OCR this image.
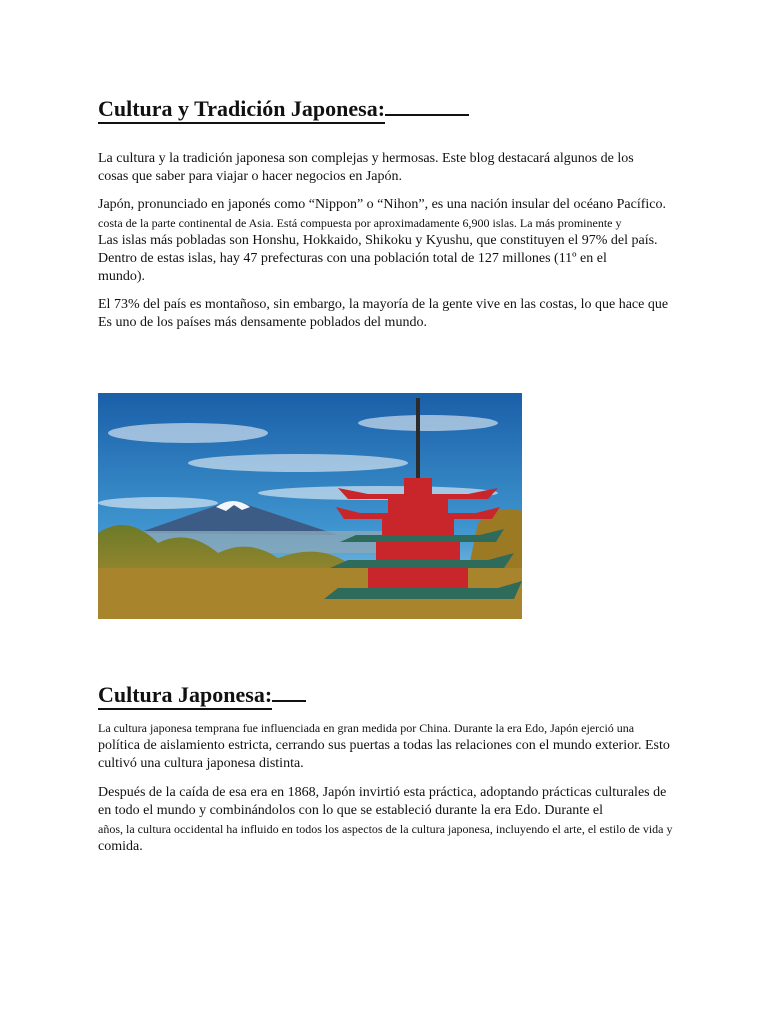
Cultura y Tradición Japonesa:

La cultura y la tradición japonesa son complejas y hermosas. Este blog destacará algunos de los
cosas que saber para viajar o hacer negocios en Japón.

Japón, pronunciado en japonés como “Nippon” o “Nihon”, es una nación insular del océano Pacífico.
costa de la parte continental de Asia. Está compuesta por aproximadamente 6,900 islas. La más prominente y
Las islas más pobladas son Honshu, Hokkaido, Shikoku y Kyushu, que constituyen el 97% del país.
Dentro de estas islas, hay 47 prefecturas con una población total de 127 millones (11º en el
mundo).

El 73% del país es montañoso, sin embargo, la mayoría de la gente vive en las costas, lo que hace que
Es uno de los países más densamente poblados del mundo.

Cultura Japonesa:

La cultura japonesa temprana fue influenciada en gran medida por China. Durante la era Edo, Japón ejerció una
política de aislamiento estricta, cerrando sus puertas a todas las relaciones con el mundo exterior. Esto
cultivó una cultura japonesa distinta.

Después de la caída de esa era en 1868, Japón invirtió esta práctica, adoptando prácticas culturales de
en todo el mundo y combinándolos con lo que se estableció durante la era Edo. Durante el
años, la cultura occidental ha influido en todos los aspectos de la cultura japonesa, incluyendo el arte, el estilo de vida y
comida.
